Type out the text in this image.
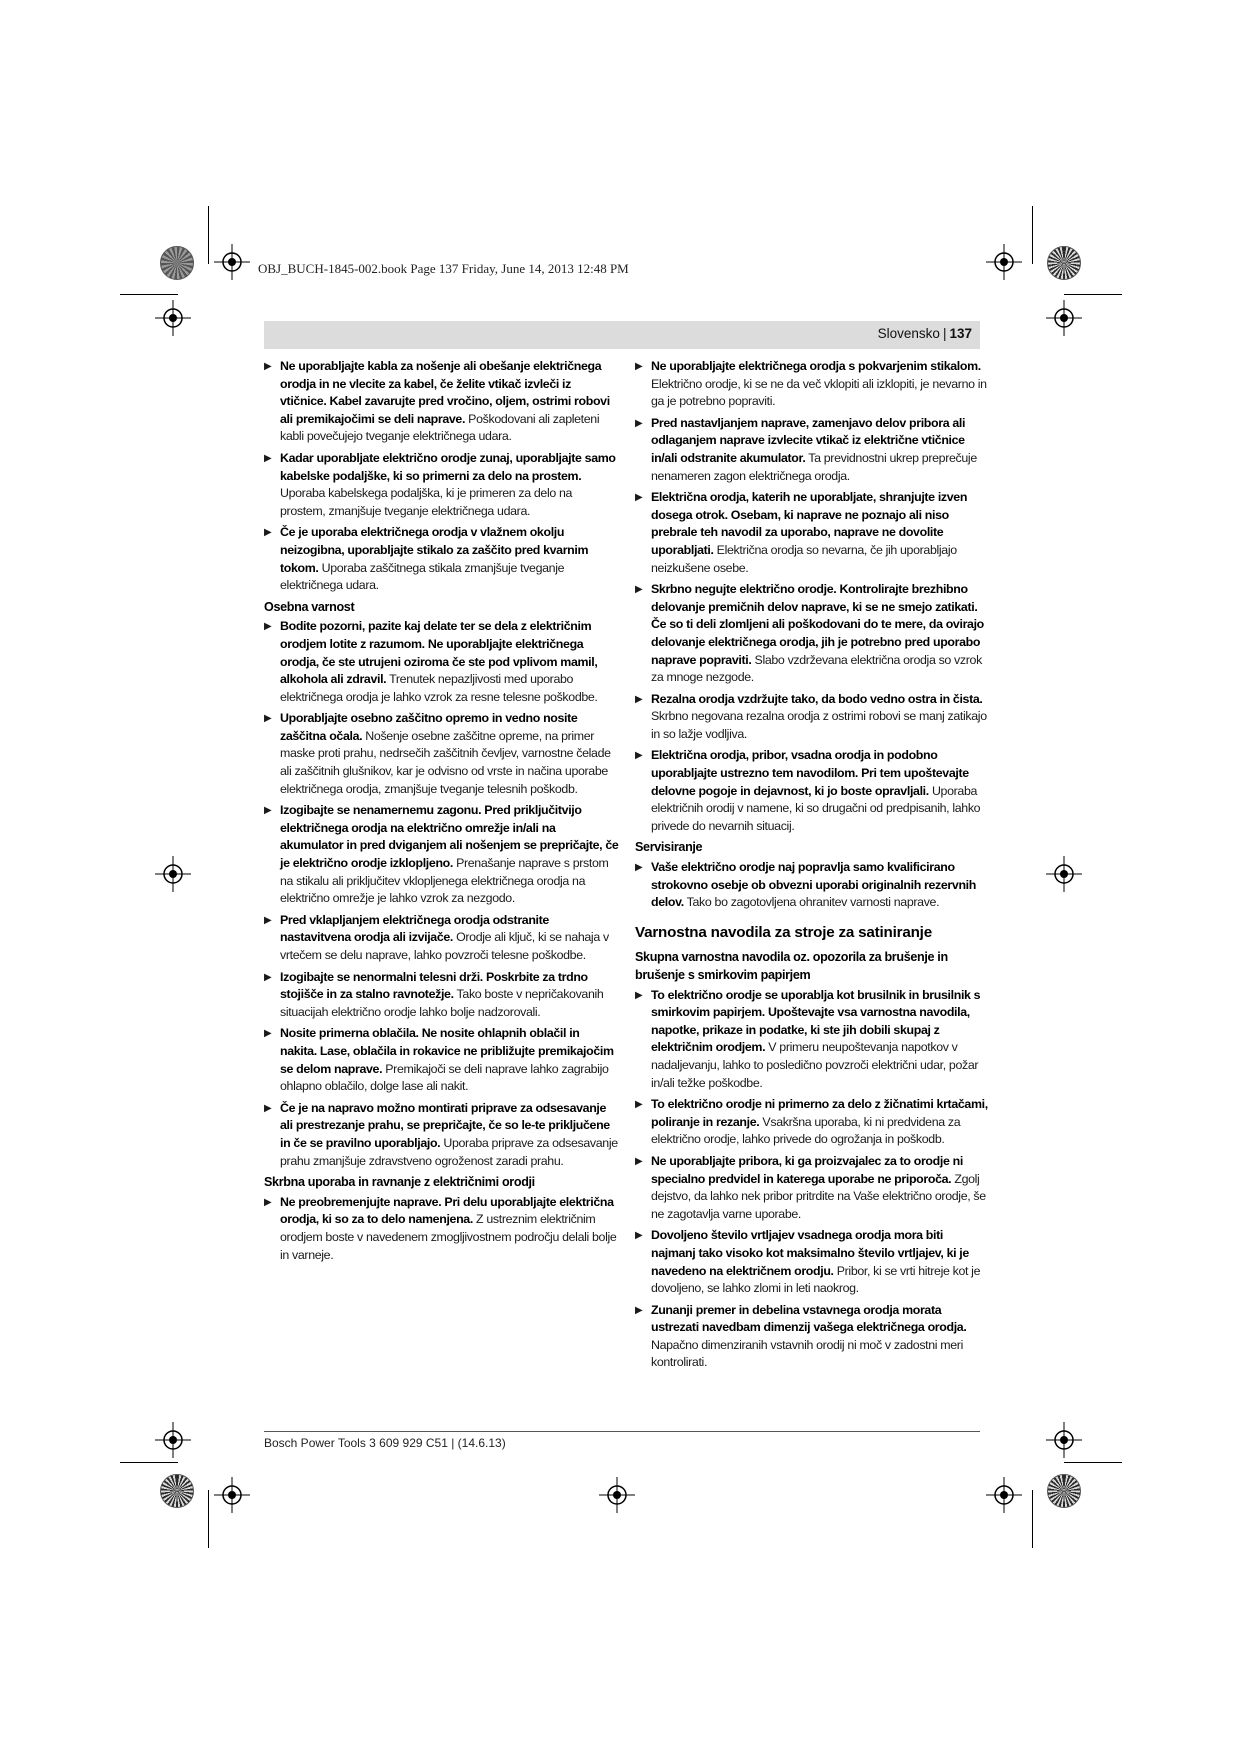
OBJ_BUCH-1845-002.book Page 137 Friday, June 14, 2013 12:48 PM
Slovensko | 137
▶ Ne uporabljajte kabla za nošenje ali obešanje električnega orodja in ne vlecite za kabel, če želite vtikač izvleči iz vtičnice. Kabel zavarujte pred vročino, oljem, ostrimi robovi ali premikajočimi se deli naprave. Poškodovani ali zapleteni kabli povečujejo tveganje električnega udara.
▶ Kadar uporabljate električno orodje zunaj, uporabljajte samo kabelske podaljške, ki so primerni za delo na prostem. Uporaba kabelskega podaljška, ki je primeren za delo na prostem, zmanjšuje tveganje električnega udara.
▶ Če je uporaba električnega orodja v vlažnem okolju neizogibna, uporabljajte stikalo za zaščito pred kvarnim tokom. Uporaba zaščitnega stikala zmanjšuje tveganje električnega udara.
Osebna varnost
▶ Bodite pozorni, pazite kaj delate ter se dela z električnim orodjem lotite z razumom. Ne uporabljajte električnega orodja, če ste utrujeni oziroma če ste pod vplivom mamil, alkohola ali zdravil. Trenutek nepazljivosti med uporabo električnega orodja je lahko vzrok za resne telesne poškodbe.
▶ Uporabljajte osebno zaščitno opremo in vedno nosite zaščitna očala. Nošenje osebne zaščitne opreme, na primer maske proti prahu, nedrsečih zaščitnih čevljev, varnostne čelade ali zaščitnih glušnikov, kar je odvisno od vrste in načina uporabe električnega orodja, zmanjšuje tveganje telesnih poškodb.
▶ Izogibajte se nenamernemu zagonu. Pred priključitvijo električnega orodja na električno omrežje in/ali na akumulator in pred dviganjem ali nošenjem se prepričajte, če je električno orodje izklopljeno. Prenašanje naprave s prstom na stikalu ali priključitev vklopljenega električnega orodja na električno omrežje je lahko vzrok za nezgodo.
▶ Pred vklapljanjem električnega orodja odstranite nastavitvena orodja ali izvijače. Orodje ali ključ, ki se nahaja v vrtečem se delu naprave, lahko povzroči telesne poškodbe.
▶ Izogibajte se nenormalni telesni drži. Poskrbite za trdno stojišče in za stalno ravnotežje. Tako boste v nepričakovanih situacijah električno orodje lahko bolje nadzorovali.
▶ Nosite primerna oblačila. Ne nosite ohlapnih oblačil in nakita. Lase, oblačila in rokavice ne približujte premikajočim se delom naprave. Premikajoči se deli naprave lahko zagrabijo ohlapno oblačilo, dolge lase ali nakit.
▶ Če je na napravo možno montirati priprave za odsesavanje ali prestrezanje prahu, se prepričajte, če so le-te priključene in če se pravilno uporabljajo. Uporaba priprave za odsesavanje prahu zmanjšuje zdravstveno ogroženost zaradi prahu.
Skrbna uporaba in ravnanje z električnimi orodji
▶ Ne preobremenjujte naprave. Pri delu uporabljajte električna orodja, ki so za to delo namenjena. Z ustreznim električnim orodjem boste v navedenem zmogljivostnem področju delali bolje in varneje.
▶ Ne uporabljajte električnega orodja s pokvarjenim stikalom. Električno orodje, ki se ne da več vklopiti ali izklopiti, je nevarno in ga je potrebno popraviti.
▶ Pred nastavljanjem naprave, zamenjavo delov pribora ali odlaganjem naprave izvlecite vtikač iz električne vtičnice in/ali odstranite akumulator. Ta previdnostni ukrep preprečuje nenameren zagon električnega orodja.
▶ Električna orodja, katerih ne uporabljate, shranjujte izven dosega otrok. Osebam, ki naprave ne poznajo ali niso prebrale teh navodil za uporabo, naprave ne dovolite uporabljati. Električna orodja so nevarna, če jih uporabljajo neizkušene osebe.
▶ Skrbno negujte električno orodje. Kontrolirajte brezhibno delovanje premičnih delov naprave, ki se ne smejo zatikati. Če so ti deli zlomljeni ali poškodovani do te mere, da ovirajo delovanje električnega orodja, jih je potrebno pred uporabo naprave popraviti. Slabo vzdrževana električna orodja so vzrok za mnoge nezgode.
▶ Rezalna orodja vzdržujte tako, da bodo vedno ostra in čista. Skrbno negovana rezalna orodja z ostrimi robovi se manj zatikajo in so lažje vodljiva.
▶ Električna orodja, pribor, vsadna orodja in podobno uporabljajte ustrezno tem navodilom. Pri tem upoštevajte delovne pogoje in dejavnost, ki jo boste opravljali. Uporaba električnih orodij v namene, ki so drugačni od predpisanih, lahko privede do nevarnih situacij.
Servisiranje
▶ Vaše električno orodje naj popravlja samo kvalificirano strokovno osebje ob obvezni uporabi originalnih rezervnih delov. Tako bo zagotovljena ohranitev varnosti naprave.
Varnostna navodila za stroje za satiniranje
Skupna varnostna navodila oz. opozorila za brušenje in brušenje s smirkovim papirjem
▶ To električno orodje se uporablja kot brusilnik in brusilnik s smirkovim papirjem. Upoštevajte vsa varnostna navodila, napotke, prikaze in podatke, ki ste jih dobili skupaj z električnim orodjem. V primeru neupoštevanja napotkov v nadaljevanju, lahko to posledično povzroči električni udar, požar in/ali težke poškodbe.
▶ To električno orodje ni primerno za delo z žičnatimi krtačami, poliranje in rezanje. Vsakršna uporaba, ki ni predvidena za električno orodje, lahko privede do ogrožanja in poškodb.
▶ Ne uporabljajte pribora, ki ga proizvajalec za to orodje ni specialno predvidel in katerega uporabe ne priporoča. Zgolj dejstvo, da lahko nek pribor pritrdite na Vaše električno orodje, še ne zagotavlja varne uporabe.
▶ Dovoljeno število vrtljajev vsadnega orodja mora biti najmanj tako visoko kot maksimalno število vrtljajev, ki je navedeno na električnem orodju. Pribor, ki se vrti hitreje kot je dovoljeno, se lahko zlomi in leti naokrog.
▶ Zunanji premer in debelina vstavnega orodja morata ustrezati navedbam dimenzij vašega električnega orodja. Napačno dimenziranih vstavnih orodij ni moč v zadostni meri kontrolirati.
Bosch Power Tools 3 609 929 C51 | (14.6.13)
